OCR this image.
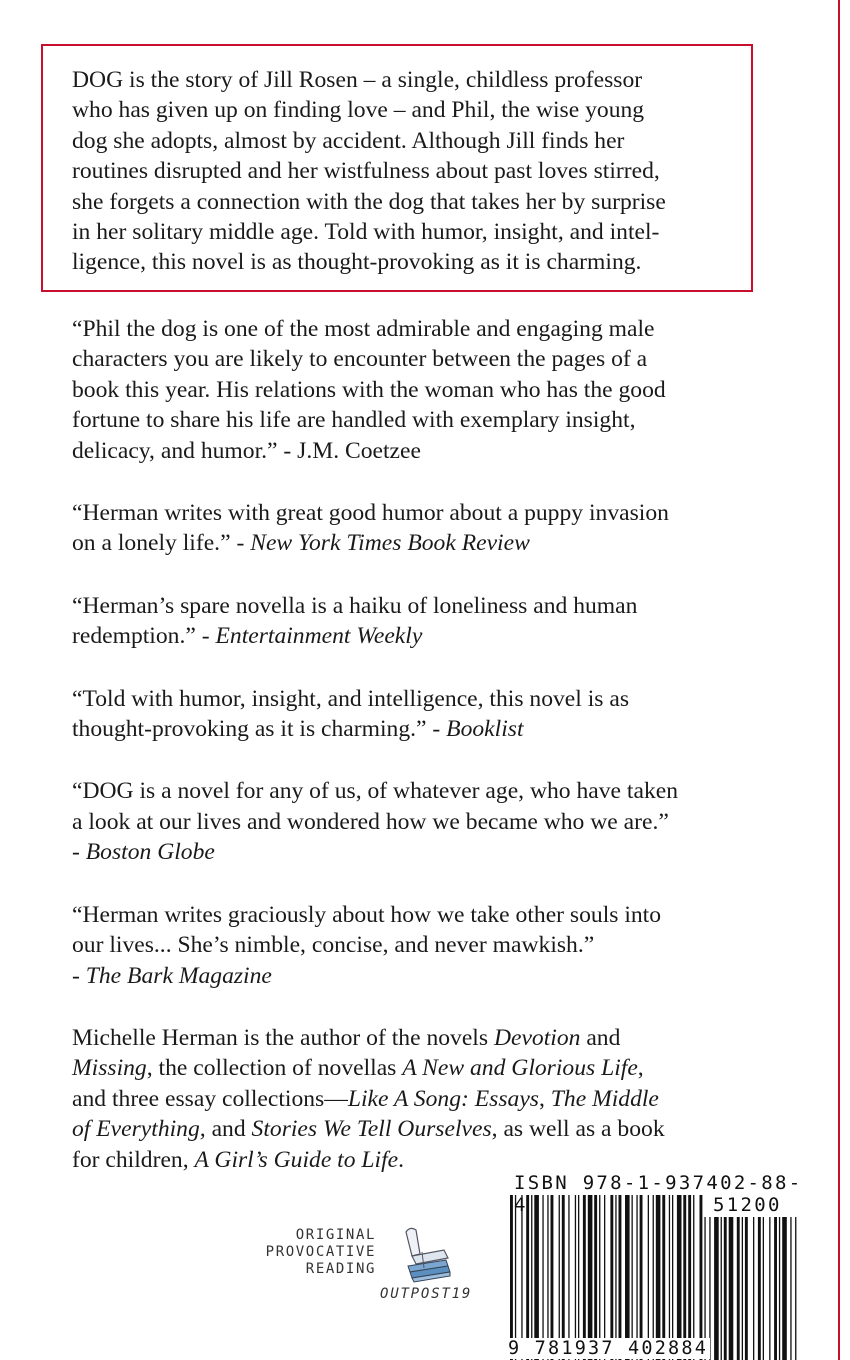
DOG is the story of Jill Rosen – a single, childless professor
who has given up on finding love – and Phil, the wise young
dog she adopts, almost by accident. Although Jill finds her
routines disrupted and her wistfulness about past loves stirred,
she forgets a connection with the dog that takes her by surprise
in her solitary middle age. Told with humor, insight, and intel-
ligence, this novel is as thought-provoking as it is charming.
“Phil the dog is one of the most admirable and engaging male
characters you are likely to encounter between the pages of a
book this year. His relations with the woman who has the good
fortune to share his life are handled with exemplary insight,
delicacy, and humor.” - J.M. Coetzee
“Herman writes with great good humor about a puppy invasion
on a lonely life.” - New York Times Book Review
“Herman’s spare novella is a haiku of loneliness and human
redemption.” - Entertainment Weekly
“Told with humor, insight, and intelligence, this novel is as
thought-provoking as it is charming.” - Booklist
“DOG is a novel for any of us, of whatever age, who have taken
a look at our lives and wondered how we became who we are.”
- Boston Globe
“Herman writes graciously about how we take other souls into
our lives... She’s nimble, concise, and never mawkish.”
- The Bark Magazine
Michelle Herman is the author of the novels Devotion and
Missing, the collection of novellas A New and Glorious Life,
and three essay collections—Like A Song: Essays, The Middle
of Everything, and Stories We Tell Ourselves, as well as a book
for children, A Girl’s Guide to Life.
ORIGINAL
PROVOCATIVE
READING
OUTPOST19
ISBN 978-1-937402-88-4	51200
9 781937 402884
